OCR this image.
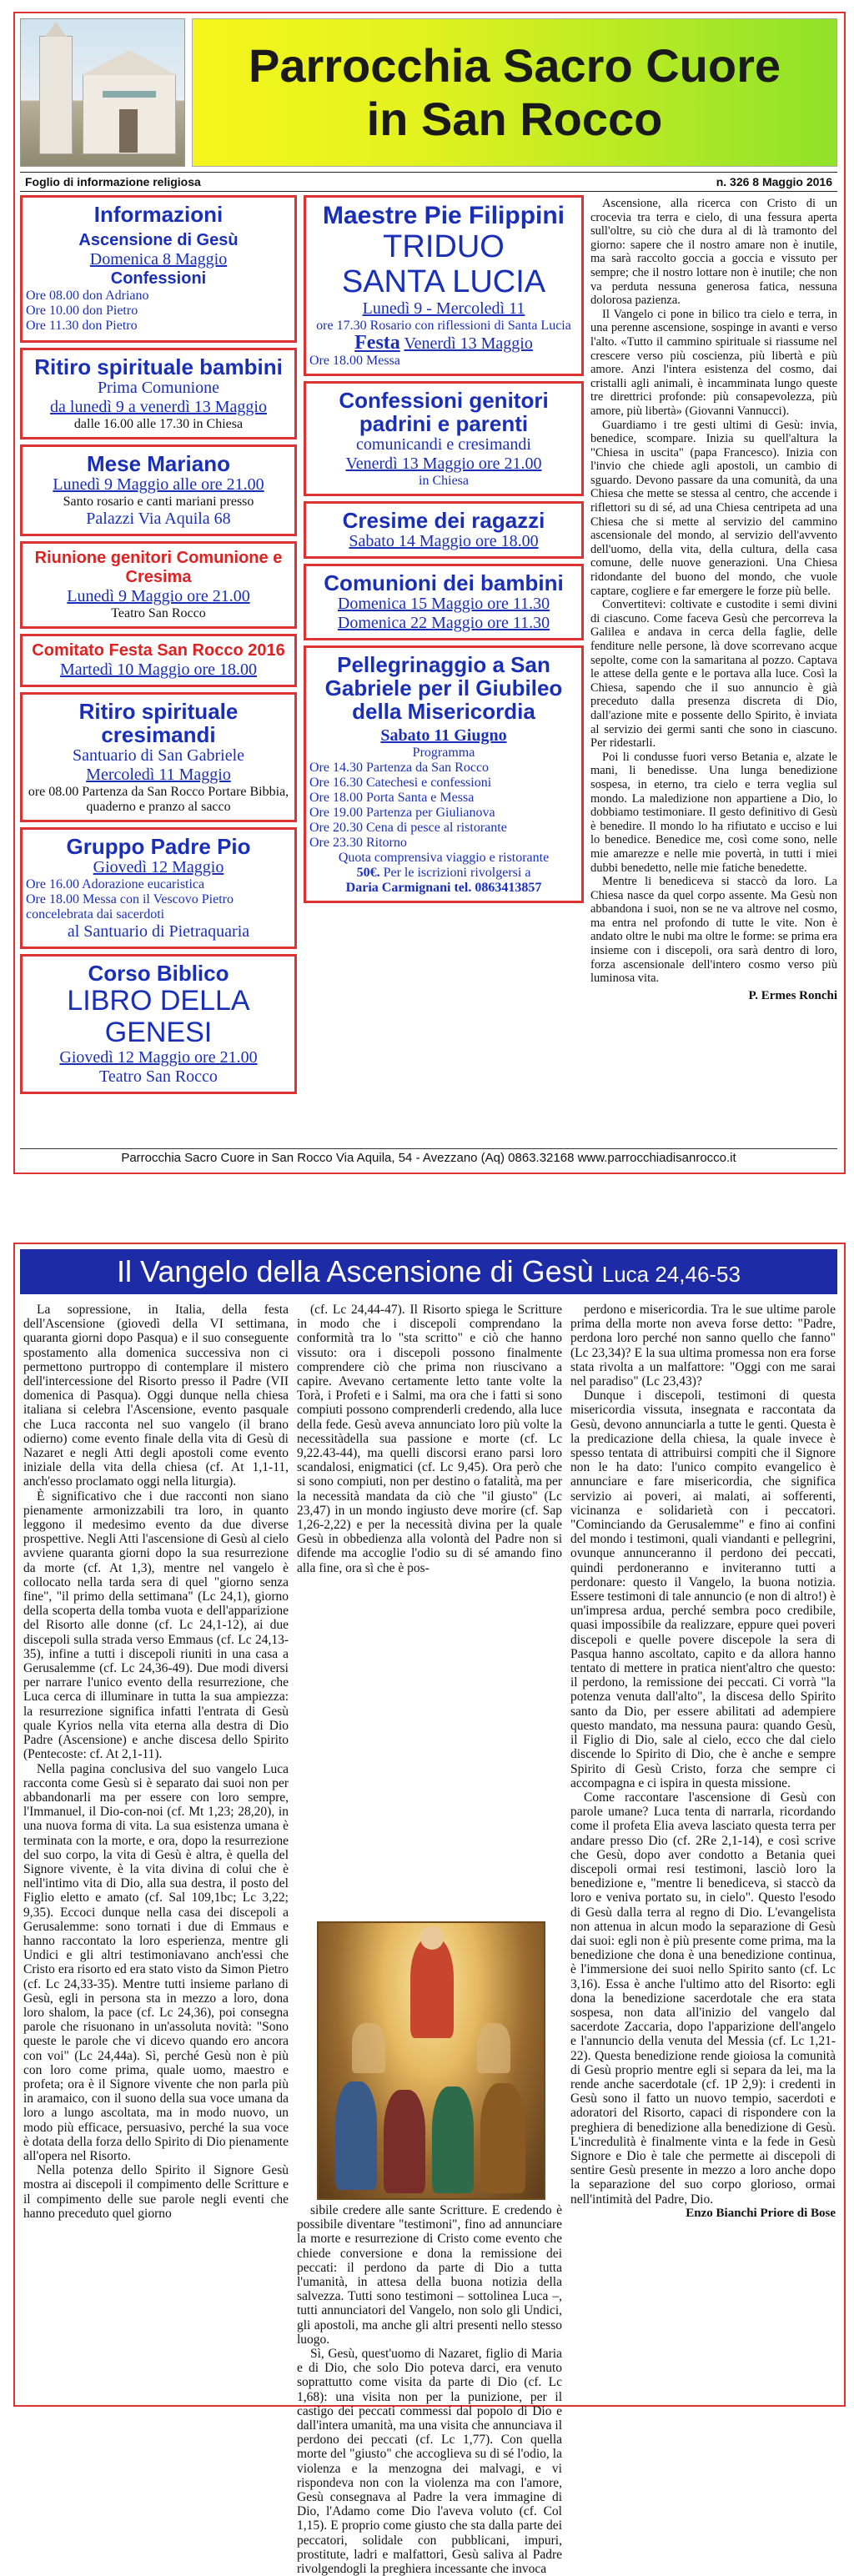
Parrocchia Sacro Cuore
in San Rocco
Foglio di informazione religiosa	n. 326 8 Maggio 2016
Informazioni
Ascensione di Gesù
Domenica 8 Maggio
Confessioni
Ore 08.00 don Adriano
Ore 10.00 don Pietro
Ore 11.30 don Pietro
Ritiro spirituale bambini
Prima Comunione
da lunedì 9 a venerdì 13 Maggio
dalle 16.00 alle 17.30 in Chiesa
Mese Mariano
Lunedì 9 Maggio alle ore 21.00
Santo rosario e canti mariani presso
Palazzi Via Aquila 68
Riunione genitori Comunione e Cresima
Lunedì 9 Maggio ore 21.00
Teatro San Rocco
Comitato Festa San Rocco 2016
Martedì 10 Maggio ore 18.00
Ritiro spirituale cresimandi
Santuario di San Gabriele
Mercoledì 11 Maggio
ore 08.00 Partenza da San Rocco Portare Bibbia, quaderno e pranzo al sacco
Gruppo Padre Pio
Giovedì 12 Maggio
Ore 16.00 Adorazione eucaristica
Ore 18.00 Messa con il Vescovo Pietro concelebrata dai sacerdoti
al Santuario di Pietraquaria
Corso Biblico
LIBRO DELLA
GENESI
Giovedì 12 Maggio ore 21.00
Teatro San Rocco
Maestre Pie Filippini
TRIDUO
SANTA LUCIA
Lunedì 9 - Mercoledì 11
ore 17.30 Rosario con riflessioni di Santa Lucia
Festa Venerdì 13 Maggio
Ore 18.00 Messa
Confessioni genitori padrini e parenti
comunicandi e cresimandi
Venerdì 13 Maggio ore 21.00
in Chiesa
Cresime dei ragazzi
Sabato 14 Maggio ore 18.00
Comunioni dei bambini
Domenica 15 Maggio ore 11.30
Domenica 22 Maggio ore 11.30
Pellegrinaggio a San Gabriele per il Giubileo della Misericordia
Sabato 11 Giugno
Programma
Ore 14.30 Partenza da San Rocco
Ore 16.30 Catechesi e confessioni
Ore 18.00 Porta Santa e Messa
Ore 19.00 Partenza per Giulianova
Ore 20.30 Cena di pesce al ristorante
Ore 23.30 Ritorno
Quota comprensiva viaggio e ristorante
50€. Per le iscrizioni rivolgersi a
Daria Carmignani tel. 0863413857

Ascensione, alla ricerca con Cristo di un crocevia tra terra e cielo, di una fessura aperta sull'oltre, su ciò che dura al di là tramonto del giorno: sapere che il nostro amare non è inutile, ma sarà raccolto goccia a goccia e vissuto per sempre; che il nostro lottare non è inutile; che non va perduta nessuna generosa fatica, nessuna dolorosa pazienza.

Il Vangelo ci pone in bilico tra cielo e terra, in una perenne ascensione, sospinge in avanti e verso l'alto. «Tutto il cammino spirituale si riassume nel crescere verso più coscienza, più libertà e più amore. Anzi l'intera esistenza del cosmo, dai cristalli agli animali, è incamminata lungo queste tre direttrici profonde: più consapevolezza, più amore, più libertà» (Giovanni Vannucci).

Guardiamo i tre gesti ultimi di Gesù: invia, benedice, scompare. Inizia su quell'altura la "Chiesa in uscita" (papa Francesco). Inizia con l'invio che chiede agli apostoli, un cambio di sguardo. Devono passare da una comunità, da una Chiesa che mette se stessa al centro, che accende i riflettori su di sé, ad una Chiesa centripeta ad una Chiesa che si mette al servizio del cammino ascensionale del mondo, al servizio dell'avvento dell'uomo, della vita, della cultura, della casa comune, delle nuove generazioni. Una Chiesa ridondante del buono del mondo, che vuole captare, cogliere e far emergere le forze più belle.

Convertitevi: coltivate e custodite i semi divini di ciascuno. Come faceva Gesù che percorreva la Galilea e andava in cerca della faglie, delle fenditure nelle persone, là dove scorrevano acque sepolte, come con la samaritana al pozzo. Captava le attese della gente e le portava alla luce. Così la Chiesa, sapendo che il suo annuncio è già preceduto dalla presenza discreta di Dio, dall'azione mite e possente dello Spirito, è inviata al servizio dei germi santi che sono in ciascuno. Per ridestarli.

Poi li condusse fuori verso Betania e, alzate le mani, li benedisse. Una lunga benedizione sospesa, in eterno, tra cielo e terra veglia sul mondo. La maledizione non appartiene a Dio, lo dobbiamo testimoniare. Il gesto definitivo di Gesù è benedire. Il mondo lo ha rifiutato e ucciso e lui lo benedice. Benedice me, così come sono, nelle mie amarezze e nelle mie povertà, in tutti i miei dubbi benedetto, nelle mie fatiche benedette.

Mentre li benediceva si staccò da loro. La Chiesa nasce da quel corpo assente. Ma Gesù non abbandona i suoi, non se ne va altrove nel cosmo, ma entra nel profondo di tutte le vite. Non è andato oltre le nubi ma oltre le forme: se prima era insieme con i discepoli, ora sarà dentro di loro, forza ascensionale dell'intero cosmo verso più luminosa vita.

P. Ermes Ronchi
Parrocchia Sacro Cuore in San Rocco Via Aquila, 54 - Avezzano (Aq) 0863.32168 www.parrocchiadisanrocco.it
Il Vangelo della Ascensione di Gesù Luca 24,46-53

La sopressione, in Italia, della festa dell'Ascensione (giovedì della VI settimana, quaranta giorni dopo Pasqua) e il suo conseguente spostamento alla domenica successiva non ci permettono purtroppo di contemplare il mistero dell'intercessione del Risorto presso il Padre (VII domenica di Pasqua). Oggi dunque nella chiesa italiana si celebra l'Ascensione, evento pasquale che Luca racconta nel suo vangelo (il brano odierno) come evento finale della vita di Gesù di Nazaret e negli Atti degli apostoli come evento iniziale della vita della chiesa (cf. At 1,1-11, anch'esso proclamato oggi nella liturgia).

È significativo che i due racconti non siano pienamente armonizzabili tra loro, in quanto leggono il medesimo evento da due diverse prospettive. Negli Atti l'ascensione di Gesù al cielo avviene quaranta giorni dopo la sua resurrezione da morte (cf. At 1,3), mentre nel vangelo è collocato nella tarda sera di quel "giorno senza fine", "il primo della settimana" (Lc 24,1), giorno della scoperta della tomba vuota e dell'apparizione del Risorto alle donne (cf. Lc 24,1-12), ai due discepoli sulla strada verso Emmaus (cf. Lc 24,13-35), infine a tutti i discepoli riuniti in una casa a Gerusalemme (cf. Lc 24,36-49). Due modi diversi per narrare l'unico evento della resurrezione, che Luca cerca di illuminare in tutta la sua ampiezza: la resurrezione significa infatti l'entrata di Gesù quale Kyrios nella vita eterna alla destra di Dio Padre (Ascensione) e anche discesa dello Spirito (Pentecoste: cf. At 2,1-11).

Nella pagina conclusiva del suo vangelo Luca racconta come Gesù si è separato dai suoi non per abbandonarli ma per essere con loro sempre, l'Immanuel, il Dio-con-noi (cf. Mt 1,23; 28,20), in una nuova forma di vita. La sua esistenza umana è terminata con la morte, e ora, dopo la resurrezione del suo corpo, la vita di Gesù è altra, è quella del Signore vivente, è la vita divina di colui che è nell'intimo vita di Dio, alla sua destra, il posto del Figlio eletto e amato (cf. Sal 109,1bc; Lc 3,22; 9,35). Eccoci dunque nella casa dei discepoli a Gerusalemme: sono tornati i due di Emmaus e hanno raccontato la loro esperienza, mentre gli Undici e gli altri testimoniavano anch'essi che Cristo era risorto ed era stato visto da Simon Pietro (cf. Lc 24,33-35). Mentre tutti insieme parlano di Gesù, egli in persona sta in mezzo a loro, dona loro shalom, la pace (cf. Lc 24,36), poi consegna parole che risuonano in un'assoluta novità: "Sono queste le parole che vi dicevo quando ero ancora con voi" (Lc 24,44a). Sì, perché Gesù non è più con loro come prima, quale uomo, maestro e profeta; ora è il Signore vivente che non parla più in aramaico, con il suono della sua voce umana da loro a lungo ascoltata, ma in modo nuovo, un modo più efficace, persuasivo, perché la sua voce è dotata della forza dello Spirito di Dio pienamente all'opera nel Risorto.

Nella potenza dello Spirito il Signore Gesù mostra ai discepoli il compimento delle Scritture e il compimento delle sue parole negli eventi che hanno preceduto quel giorno

(cf. Lc 24,44-47). Il Risorto spiega le Scritture in modo che i discepoli comprendano la conformità tra lo "sta scritto" e ciò che hanno vissuto: ora i discepoli possono finalmente comprendere ciò che prima non riuscivano a capire. Avevano certamente letto tante volte la Torà, i Profeti e i Salmi, ma ora che i fatti si sono compiuti possono comprenderli credendo, alla luce della fede. Gesù aveva annunciato loro più volte la necessitàdella sua passione e morte (cf. Lc 9,22.43-44), ma quelli discorsi erano parsi loro scandalosi, enigmatici (cf. Lc 9,45). Ora però che si sono compiuti, non per destino o fatalità, ma per la necessità mandata da ciò che "il giusto" (Lc 23,47) in un mondo ingiusto deve morire (cf. Sap 1,26-2,22) e per la necessità divina per la quale Gesù in obbedienza alla volontà del Padre non si difende ma accoglie l'odio su di sé amando fino alla fine, ora sì che è pos-

sibile credere alle sante Scritture. E credendo è possibile diventare "testimoni", fino ad annunciare la morte e resurrezione di Cristo come evento che chiede conversione e dona la remissione dei peccati: il perdono da parte di Dio a tutta l'umanità, in attesa della buona notizia della salvezza. Tutti sono testimoni – sottolinea Luca –, tutti annunciatori del Vangelo, non solo gli Undici, gli apostoli, ma anche gli altri presenti nello stesso luogo.

Sì, Gesù, quest'uomo di Nazaret, figlio di Maria e di Dio, che solo Dio poteva darci, era venuto soprattutto come visita da parte di Dio (cf. Lc 1,68): una visita non per la punizione, per il castigo dei peccati commessi dal popolo di Dio e dall'intera umanità, ma una visita che annunciava il perdono dei peccati (cf. Lc 1,77). Con quella morte del "giusto" che accoglieva su di sé l'odio, la violenza e la menzogna dei malvagi, e vi rispondeva non con la violenza ma con l'amore, Gesù consegnava al Padre la vera immagine di Dio, l'Adamo come Dio l'aveva voluto (cf. Col 1,15). E proprio come giusto che sta dalla parte dei peccatori, solidale con pubblicani, impuri, prostitute, ladri e malfattori, Gesù saliva al Padre rivolgendogli la preghiera incessante che invoca

perdono e misericordia. Tra le sue ultime parole prima della morte non aveva forse detto: "Padre, perdona loro perché non sanno quello che fanno" (Lc 23,34)? E la sua ultima promessa non era forse stata rivolta a un malfattore: "Oggi con me sarai nel paradiso" (Lc 23,43)?

Dunque i discepoli, testimoni di questa misericordia vissuta, insegnata e raccontata da Gesù, devono annunciarla a tutte le genti. Questa è la predicazione della chiesa, la quale invece è spesso tentata di attribuirsi compiti che il Signore non le ha dato: l'unico compito evangelico è annunciare e fare misericordia, che significa servizio ai poveri, ai malati, ai sofferenti, vicinanza e solidarietà con i peccatori. "Cominciando da Gerusalemme" e fino ai confini del mondo i testimoni, quali viandanti e pellegrini, ovunque annunceranno il perdono dei peccati, quindi perdoneranno e inviteranno tutti a perdonare: questo il Vangelo, la buona notizia. Essere testimoni di tale annuncio (e non di altro!) è un'impresa ardua, perché sembra poco credibile, quasi impossibile da realizzare, eppure quei poveri discepoli e quelle povere discepole la sera di Pasqua hanno ascoltato, capito e da allora hanno tentato di mettere in pratica nient'altro che questo: il perdono, la remissione dei peccati. Ci vorrà "la potenza venuta dall'alto", la discesa dello Spirito santo da Dio, per essere abilitati ad adempiere questo mandato, ma nessuna paura: quando Gesù, il Figlio di Dio, sale al cielo, ecco che dal cielo discende lo Spirito di Dio, che è anche e sempre Spirito di Gesù Cristo, forza che sempre ci accompagna e ci ispira in questa missione.

Come raccontare l'ascensione di Gesù con parole umane? Luca tenta di narrarla, ricordando come il profeta Elia aveva lasciato questa terra per andare presso Dio (cf. 2Re 2,1-14), e così scrive che Gesù, dopo aver condotto a Betania quei discepoli ormai resi testimoni, lasciò loro la benedizione e, "mentre li benediceva, si staccò da loro e veniva portato su, in cielo". Questo l'esodo di Gesù dalla terra al regno di Dio. L'evangelista non attenua in alcun modo la separazione di Gesù dai suoi: egli non è più presente come prima, ma la benedizione che dona è una benedizione continua, è l'immersione dei suoi nello Spirito santo (cf. Lc 3,16). Essa è anche l'ultimo atto del Risorto: egli dona la benedizione sacerdotale che era stata sospesa, non data all'inizio del vangelo dal sacerdote Zaccaria, dopo l'apparizione dell'angelo e l'annuncio della venuta del Messia (cf. Lc 1,21-22). Questa benedizione rende gioiosa la comunità di Gesù proprio mentre egli si separa da lei, ma la rende anche sacerdotale (cf. 1P 2,9): i credenti in Gesù sono il fatto un nuovo tempio, sacerdoti e adoratori del Risorto, capaci di rispondere con la preghiera di benedizione alla benedizione di Gesù. L'incredulità è finalmente vinta e la fede in Gesù Signore e Dio è tale che permette ai discepoli di sentire Gesù presente in mezzo a loro anche dopo la separazione del suo corpo glorioso, ormai nell'intimità del Padre, Dio.

Enzo Bianchi Priore di Bose
